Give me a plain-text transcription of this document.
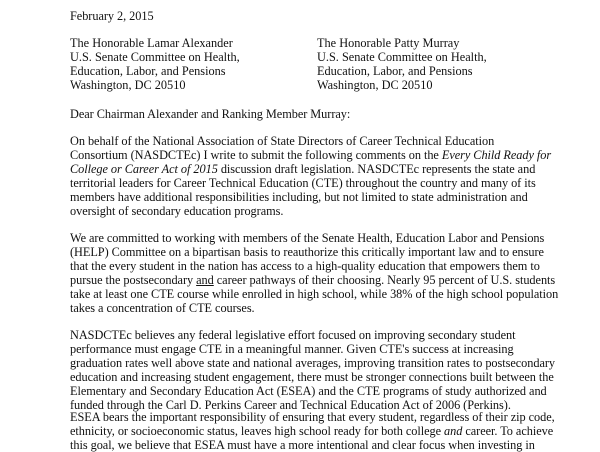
February 2, 2015
The Honorable Lamar Alexander
U.S. Senate Committee on Health,
Education, Labor, and Pensions
Washington, DC 20510
The Honorable Patty Murray
U.S. Senate Committee on Health,
Education, Labor, and Pensions
Washington, DC 20510
Dear Chairman Alexander and Ranking Member Murray:
On behalf of the National Association of State Directors of Career Technical Education
Consortium (NASDCTEc) I write to submit the following comments on the Every Child Ready for
College or Career Act of 2015 discussion draft legislation. NASDCTEc represents the state and
territorial leaders for Career Technical Education (CTE) throughout the country and many of its
members have additional responsibilities including, but not limited to state administration and
oversight of secondary education programs.
We are committed to working with members of the Senate Health, Education Labor and Pensions
(HELP) Committee on a bipartisan basis to reauthorize this critically important law and to ensure
that the every student in the nation has access to a high-quality education that empowers them to
pursue the postsecondary and career pathways of their choosing. Nearly 95 percent of U.S. students
take at least one CTE course while enrolled in high school, while 38% of the high school population
takes a concentration of CTE courses.
NASDCTEc believes any federal legislative effort focused on improving secondary student
performance must engage CTE in a meaningful manner. Given CTE's success at increasing
graduation rates well above state and national averages, improving transition rates to postsecondary
education and increasing student engagement, there must be stronger connections built between the
Elementary and Secondary Education Act (ESEA) and the CTE programs of study authorized and
funded through the Carl D. Perkins Career and Technical Education Act of 2006 (Perkins).
ESEA bears the important responsibility of ensuring that every student, regardless of their zip code,
ethnicity, or socioeconomic status, leaves high school ready for both college and career. To achieve
this goal, we believe that ESEA must have a more intentional and clear focus when investing in
